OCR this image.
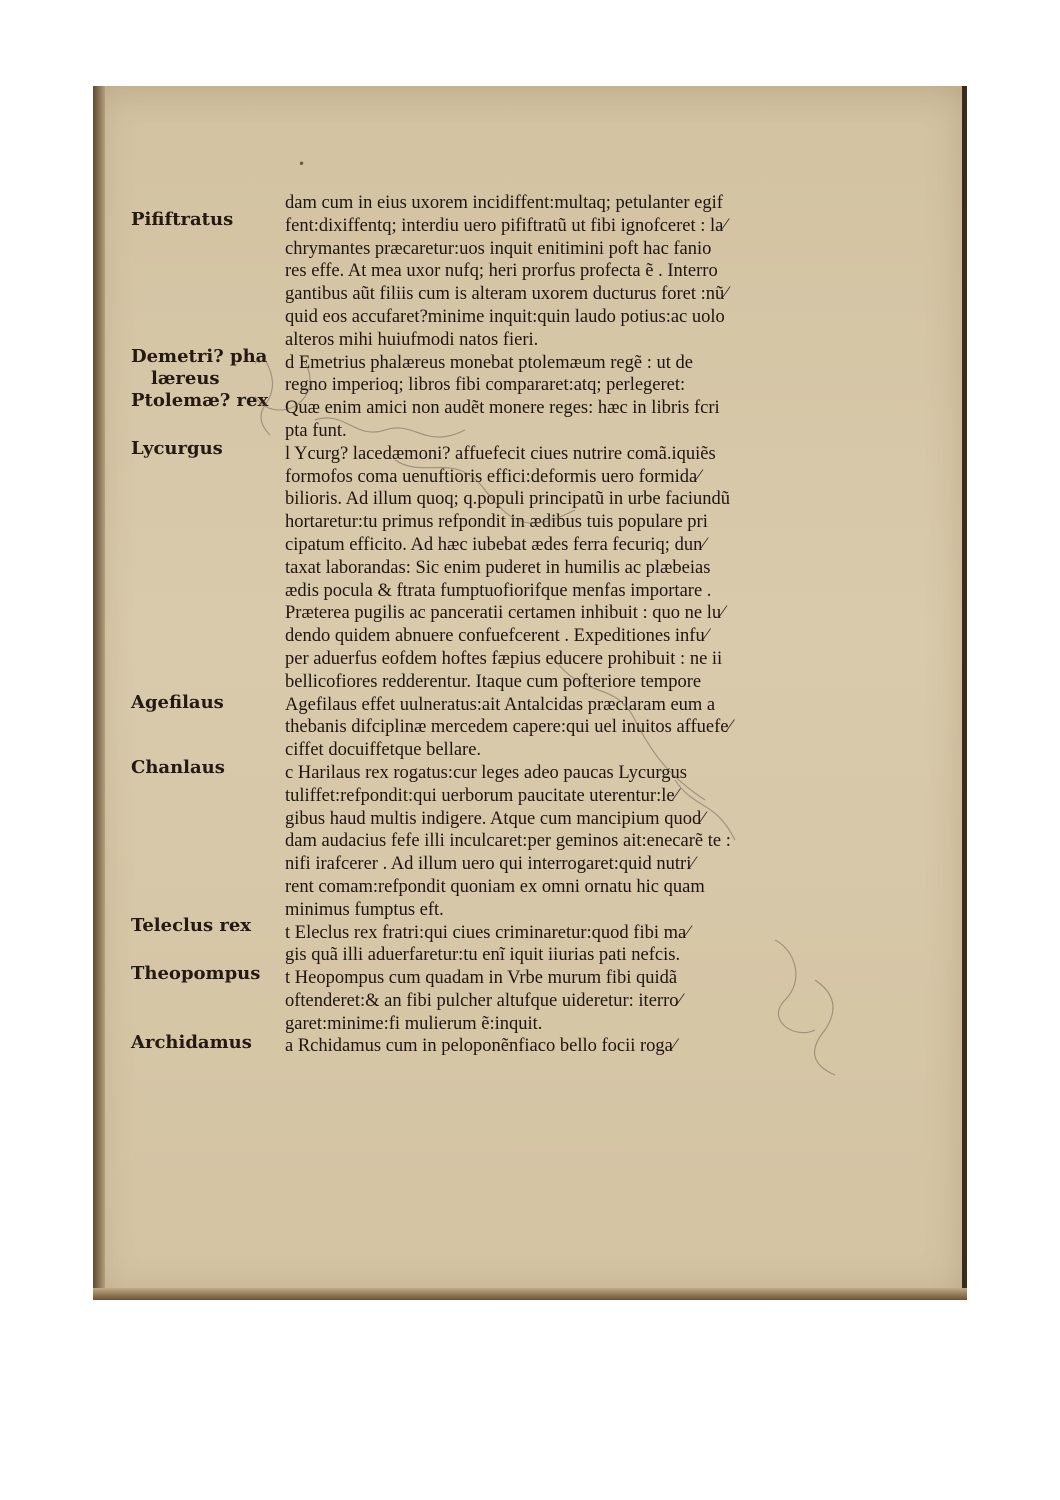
•
Pififtratus
Demetri? pha
læreus
Ptolemæ? rex
Lycurgus
Agefilaus
Chanlaus
Teleclus rex
Theopompus
Archidamus
dam cum in eius uxorem incidiffent:multaq; petulanter egif
fent:dixiffentq; interdiu uero pififtratũ ut fibi ignofceret : la⁄
chrymantes præcaretur:uos inquit enitimini poft hac fanio
res effe. At mea uxor nufq; heri prorfus profecta ẽ . Interro
gantibus aũt filiis cum is alteram uxorem ducturus foret :nũ⁄
quid eos accufaret?minime inquit:quin laudo potius:ac uolo
alteros mihi huiufmodi natos fieri.
d Emetrius phalæreus monebat ptolemæum regẽ : ut de
regno imperioq; libros fibi compararet:atq; perlegeret:
Quæ enim amici non audẽt monere reges: hæc in libris fcri
pta funt.
l Ycurg? lacedæmoni? affuefecit ciues nutrire comã.iquiẽs
formofos coma uenuftioris effici:deformis uero formida⁄
bilioris. Ad illum quoq; q.populi principatũ in urbe faciundũ
hortaretur:tu primus refpondit in ædibus tuis populare pri
cipatum efficito. Ad hæc iubebat ædes ferra fecuriq; dun⁄
taxat laborandas: Sic enim puderet in humilis ac plæbeias
ædis pocula & ftrata fumptuofiorifque menfas importare .
Præterea pugilis ac panceratii certamen inhibuit : quo ne lu⁄
dendo quidem abnuere confuefcerent . Expeditiones infu⁄
per aduerfus eofdem hoftes fæpius educere prohibuit : ne ii
bellicofiores redderentur. Itaque cum pofteriore tempore
Agefilaus effet uulneratus:ait Antalcidas præclaram eum a
thebanis difciplinæ mercedem capere:qui uel inuitos affuefe⁄
ciffet docuiffetque bellare.
c Harilaus rex rogatus:cur leges adeo paucas Lycurgus
tuliffet:refpondit:qui uerborum paucitate uterentur:le⁄
gibus haud multis indigere. Atque cum mancipium quod⁄
dam audacius fefe illi inculcaret:per geminos ait:enecarẽ te :
nifi irafcerer . Ad illum uero qui interrogaret:quid nutri⁄
rent comam:refpondit quoniam ex omni ornatu hic quam
minimus fumptus eft.
t Eleclus rex fratri:qui ciues criminaretur:quod fibi ma⁄
gis quã illi aduerfaretur:tu enĩ iquit iiurias pati nefcis.
t Heopompus cum quadam in Vrbe murum fibi quidã
oftenderet:& an fibi pulcher altufque uideretur: iterro⁄
garet:minime:fi mulierum ẽ:inquit.
a Rchidamus cum in peloponẽnfiaco bello focii roga⁄
